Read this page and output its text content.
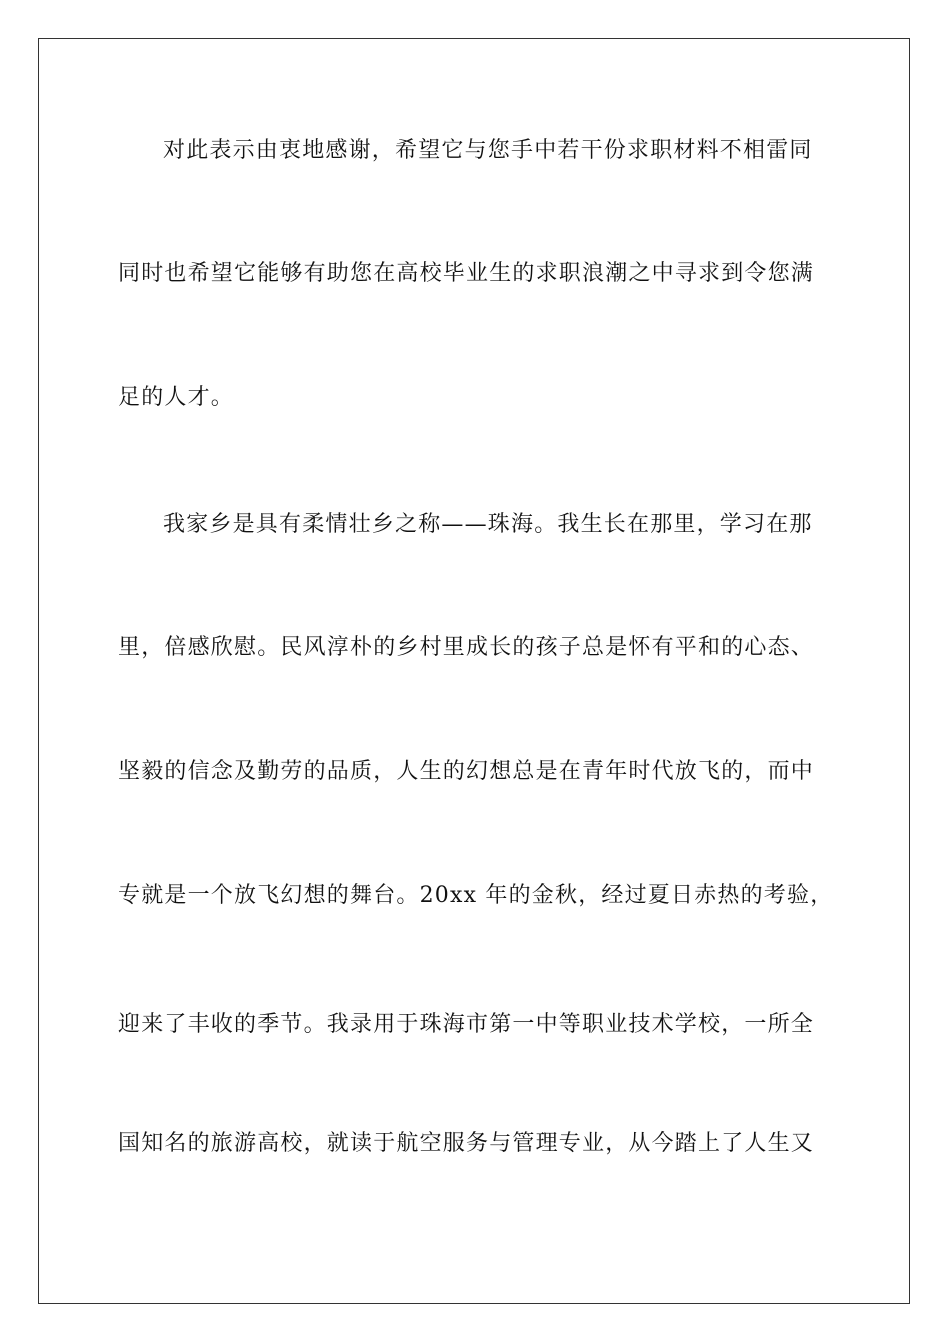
对此表示由衷地感谢，希望它与您手中若干份求职材料不相雷同
同时也希望它能够有助您在高校毕业生的求职浪潮之中寻求到令您满
足的人才。
我家乡是具有柔情壮乡之称——珠海。我生长在那里，学习在那
里，倍感欣慰。民风淳朴的乡村里成长的孩子总是怀有平和的心态、
坚毅的信念及勤劳的品质，人生的幻想总是在青年时代放飞的，而中
专就是一个放飞幻想的舞台。20xx 年的金秋，经过夏日赤热的考验，
迎来了丰收的季节。我录用于珠海市第一中等职业技术学校，一所全
国知名的旅游高校，就读于航空服务与管理专业，从今踏上了人生又
